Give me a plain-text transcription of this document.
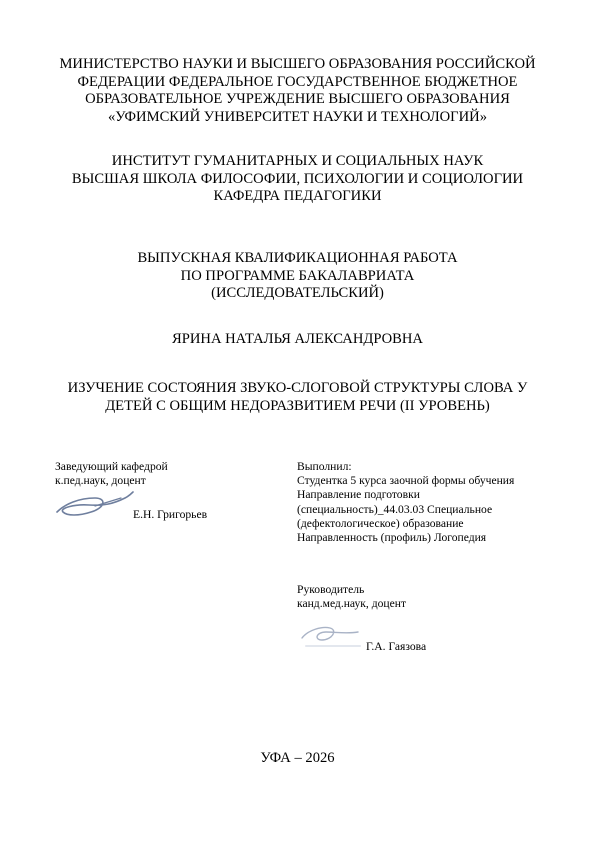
МИНИСТЕРСТВО НАУКИ И ВЫСШЕГО ОБРАЗОВАНИЯ РОССИЙСКОЙ
ФЕДЕРАЦИИ ФЕДЕРАЛЬНОЕ ГОСУДАРСТВЕННОЕ БЮДЖЕТНОЕ
ОБРАЗОВАТЕЛЬНОЕ УЧРЕЖДЕНИЕ ВЫСШЕГО ОБРАЗОВАНИЯ
«УФИМСКИЙ УНИВЕРСИТЕТ НАУКИ И ТЕХНОЛОГИЙ»
ИНСТИТУТ ГУМАНИТАРНЫХ И СОЦИАЛЬНЫХ НАУК
ВЫСШАЯ ШКОЛА ФИЛОСОФИИ, ПСИХОЛОГИИ И СОЦИОЛОГИИ
КАФЕДРА ПЕДАГОГИКИ
ВЫПУСКНАЯ КВАЛИФИКАЦИОННАЯ РАБОТА
ПО ПРОГРАММЕ БАКАЛАВРИАТА
(ИССЛЕДОВАТЕЛЬСКИЙ)
ЯРИНА НАТАЛЬЯ АЛЕКСАНДРОВНА
ИЗУЧЕНИЕ СОСТОЯНИЯ ЗВУКО-СЛОГОВОЙ СТРУКТУРЫ СЛОВА У
ДЕТЕЙ С ОБЩИМ НЕДОРАЗВИТИЕМ РЕЧИ (II УРОВЕНЬ)
Заведующий кафедрой
к.пед.наук, доцент
Е.Н. Григорьев
Выполнил:
Студентка 5 курса заочной формы обучения
Направление подготовки
(специальность)_44.03.03 Специальное
(дефектологическое) образование
Направленность (профиль) Логопедия
Руководитель
канд.мед.наук, доцент
Г.А. Гаязова
УФА – 2026
